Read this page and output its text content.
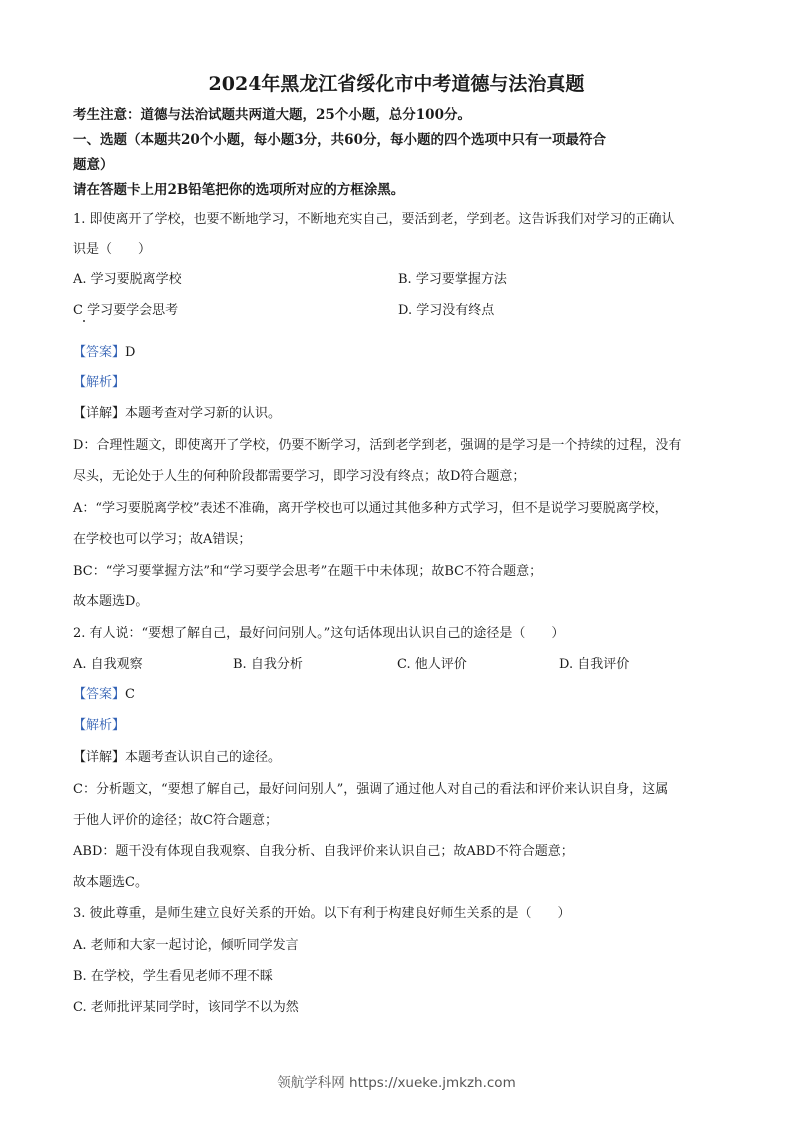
2024年黑龙江省绥化市中考道德与法治真题
考生注意：道德与法治试题共两道大题，25个小题，总分100分。
一、选题（本题共20个小题，每小题3分，共60分，每小题的四个选项中只有一项最符合
题意）
请在答题卡上用2B铅笔把你的选项所对应的方框涂黑。
1. 即使离开了学校，也要不断地学习，不断地充实自己，要活到老，学到老。这告诉我们对学习的正确认
识是（　　）
A. 学习要脱离学校	B. 学习要掌握方法
C 学习要学会思考	D. 学习没有终点
【答案】D
【解析】
【详解】本题考查对学习新的认识。
D：合理性题文，即使离开了学校，仍要不断学习，活到老学到老，强调的是学习是一个持续的过程，没有
尽头，无论处于人生的何种阶段都需要学习，即学习没有终点；故D符合题意；
A：“学习要脱离学校”表述不准确，离开学校也可以通过其他多种方式学习，但不是说学习要脱离学校，
在学校也可以学习；故A错误；
BC：“学习要掌握方法”和“学习要学会思考”在题干中未体现；故BC不符合题意；
故本题选D。
2. 有人说：“要想了解自己，最好问问别人。”这句话体现出认识自己的途径是（　　）
A. 自我观察	B. 自我分析	C. 他人评价	D. 自我评价
【答案】C
【解析】
【详解】本题考查认识自己的途径。
C：分析题文，“要想了解自己，最好问问别人”，强调了通过他人对自己的看法和评价来认识自身，这属
于他人评价的途径；故C符合题意；
ABD：题干没有体现自我观察、自我分析、自我评价来认识自己；故ABD不符合题意；
故本题选C。
3. 彼此尊重，是师生建立良好关系的开始。以下有利于构建良好师生关系的是（　　）
A. 老师和大家一起讨论，倾听同学发言
B. 在学校，学生看见老师不理不睬
C. 老师批评某同学时，该同学不以为然
领航学科网 https://xueke.jmkzh.com
